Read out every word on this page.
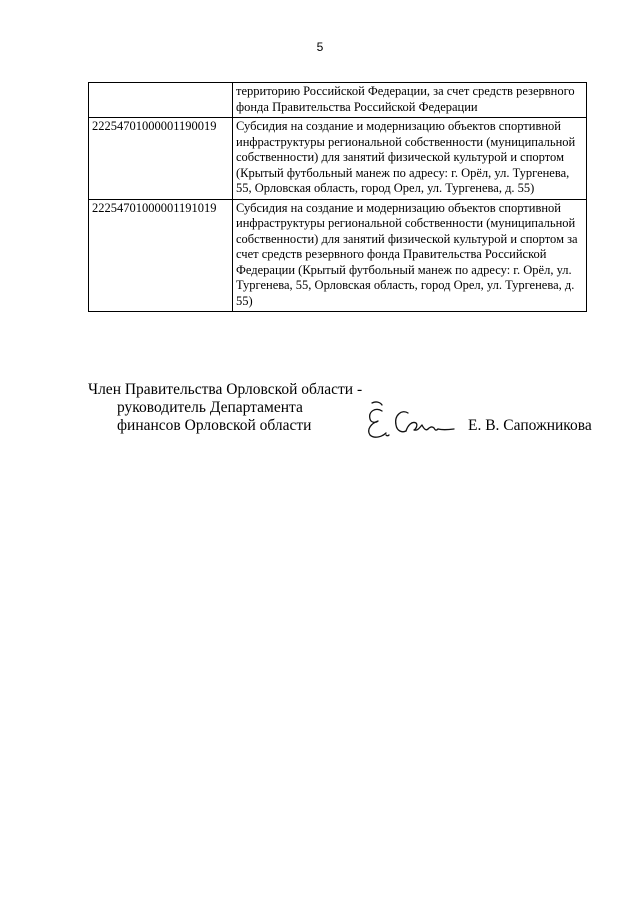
5
	территорию Российской Федерации, за счет средств резервного фонда Правительства Российской Федерации
22254701000001190019	Субсидия на создание и модернизацию объектов спортивной инфраструктуры региональной собственности (муниципальной собственности) для занятий физической культурой и спортом (Крытый футбольный манеж по адресу: г. Орёл, ул. Тургенева, 55, Орловская область, город Орел, ул. Тургенева, д. 55)
22254701000001191019	Субсидия на создание и модернизацию объектов спортивной инфраструктуры региональной собственности (муниципальной собственности) для занятий физической культурой и спортом за счет средств резервного фонда Правительства Российской Федерации (Крытый футбольный манеж по адресу: г. Орёл, ул. Тургенева, 55, Орловская область, город Орел, ул. Тургенева, д. 55)
Член Правительства Орловской области -
руководитель Департамента
финансов Орловской области	Е. В. Сапожникова
